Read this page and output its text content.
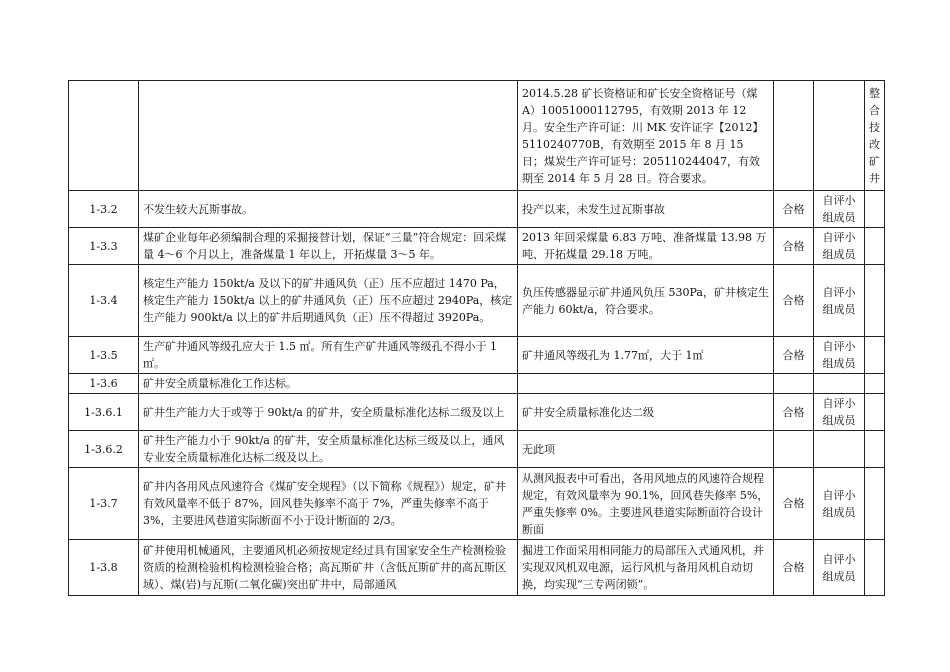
		2014.5.28 矿长资格证和矿长安全资格证号（煤 A）10051000112795，有效期 2013 年 12 月。安全生产许可证：川 MK 安许证字【2012】5110240770B，有效期至 2015 年 8 月 15 日；煤炭生产许可证号：205110244047，有效期至 2014 年 5 月 28 日。符合要求。			整合技改矿井

1-3.2	不发生较大瓦斯事故。	投产以来，未发生过瓦斯事故	合格	自评小组成员	
1-3.3	煤矿企业每年必须编制合理的采掘接替计划，保证“三量”符合规定：回采煤量 4～6 个月以上，准备煤量 1 年以上，开拓煤量 3～5 年。	2013 年回采煤量 6.83 万吨、准备煤量 13.98 万吨、开拓煤量 29.18 万吨。	合格	自评小组成员	
1-3.4	核定生产能力 150kt/a 及以下的矿井通风负（正）压不应超过 1470 Pa，核定生产能力 150kt/a 以上的矿井通风负（正）压不应超过 2940Pa，核定生产能力 900kt/a 以上的矿井后期通风负（正）压不得超过 3920Pa。	负压传感器显示矿井通风负压 530Pa，矿井核定生产能力 60kt/a，符合要求。	合格	自评小组成员	
1-3.5	生产矿井通风等级孔应大于 1.5 ㎡。所有生产矿井通风等级孔不得小于 1㎡。	矿井通风等级孔为 1.77㎡，大于 1㎡	合格	自评小组成员	
1-3.6	矿井安全质量标准化工作达标。				
1-3.6.1	矿井生产能力大于或等于 90kt/a 的矿井，安全质量标准化达标二级及以上	矿井安全质量标准化达二级	合格	自评小组成员	
1-3.6.2	矿井生产能力小于 90kt/a 的矿井，安全质量标准化达标三级及以上，通风专业安全质量标准化达标二级及以上。	无此项			
1-3.7	矿井内各用风点风速符合《煤矿安全规程》（以下简称《规程》）规定，矿井有效风量率不低于 87%，回风巷失修率不高于 7%，严重失修率不高于 3%，主要进风巷道实际断面不小于设计断面的 2/3。	从测风报表中可看出，各用风地点的风速符合规程规定，有效风量率为 90.1%，回风巷失修率 5%，严重失修率 0%。主要进风巷道实际断面符合设计断面	合格	自评小组成员	
1-3.8	矿井使用机械通风，主要通风机必须按规定经过具有国家安全生产检测检验资质的检测检验机构检测检验合格；高瓦斯矿井（含低瓦斯矿井的高瓦斯区域）、煤(岩)与瓦斯(二氧化碳)突出矿井中，局部通风	掘进工作面采用相同能力的局部压入式通风机，并实现双风机双电源，运行风机与备用风机自动切换，均实现“三专两闭锁”。	合格	自评小组成员	
